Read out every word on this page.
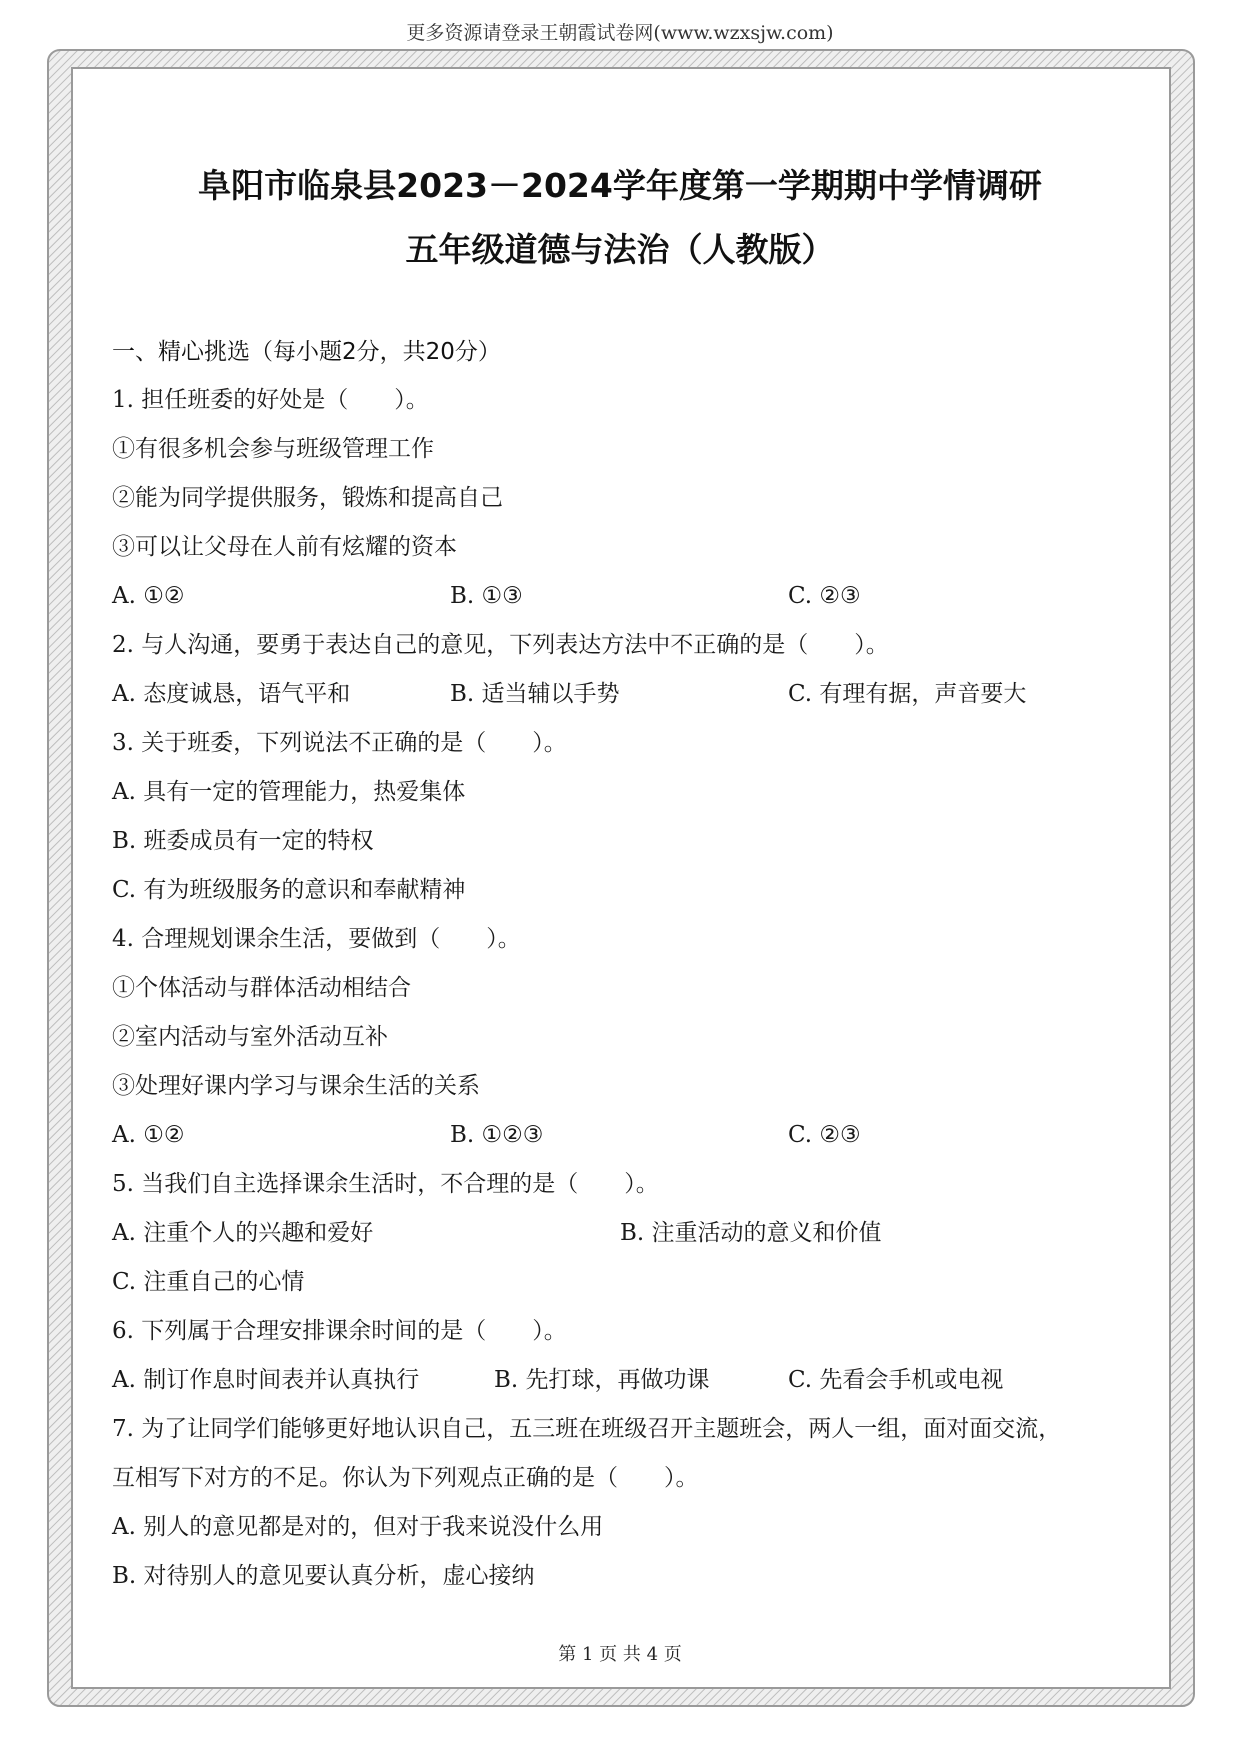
更多资源请登录王朝霞试卷网(www.wzxsjw.com)
阜阳市临泉县2023－2024学年度第一学期期中学情调研
五年级道德与法治（人教版）
一、精心挑选（每小题2分，共20分）
1. 担任班委的好处是（　　）。
①有很多机会参与班级管理工作
②能为同学提供服务，锻炼和提高自己
③可以让父母在人前有炫耀的资本
A. ①②	B. ①③	C. ②③
2. 与人沟通，要勇于表达自己的意见，下列表达方法中不正确的是（　　）。
A. 态度诚恳，语气平和	B. 适当辅以手势	C. 有理有据，声音要大
3. 关于班委，下列说法不正确的是（　　）。
A. 具有一定的管理能力，热爱集体
B. 班委成员有一定的特权
C. 有为班级服务的意识和奉献精神
4. 合理规划课余生活，要做到（　　）。
①个体活动与群体活动相结合
②室内活动与室外活动互补
③处理好课内学习与课余生活的关系
A. ①②	B. ①②③	C. ②③
5. 当我们自主选择课余生活时，不合理的是（　　）。
A. 注重个人的兴趣和爱好	B. 注重活动的意义和价值
C. 注重自己的心情
6. 下列属于合理安排课余时间的是（　　）。
A. 制订作息时间表并认真执行	B. 先打球，再做功课	C. 先看会手机或电视
7. 为了让同学们能够更好地认识自己，五三班在班级召开主题班会，两人一组，面对面交流，
互相写下对方的不足。你认为下列观点正确的是（　　）。
A. 别人的意见都是对的，但对于我来说没什么用
B. 对待别人的意见要认真分析，虚心接纳
第 1 页 共 4 页
